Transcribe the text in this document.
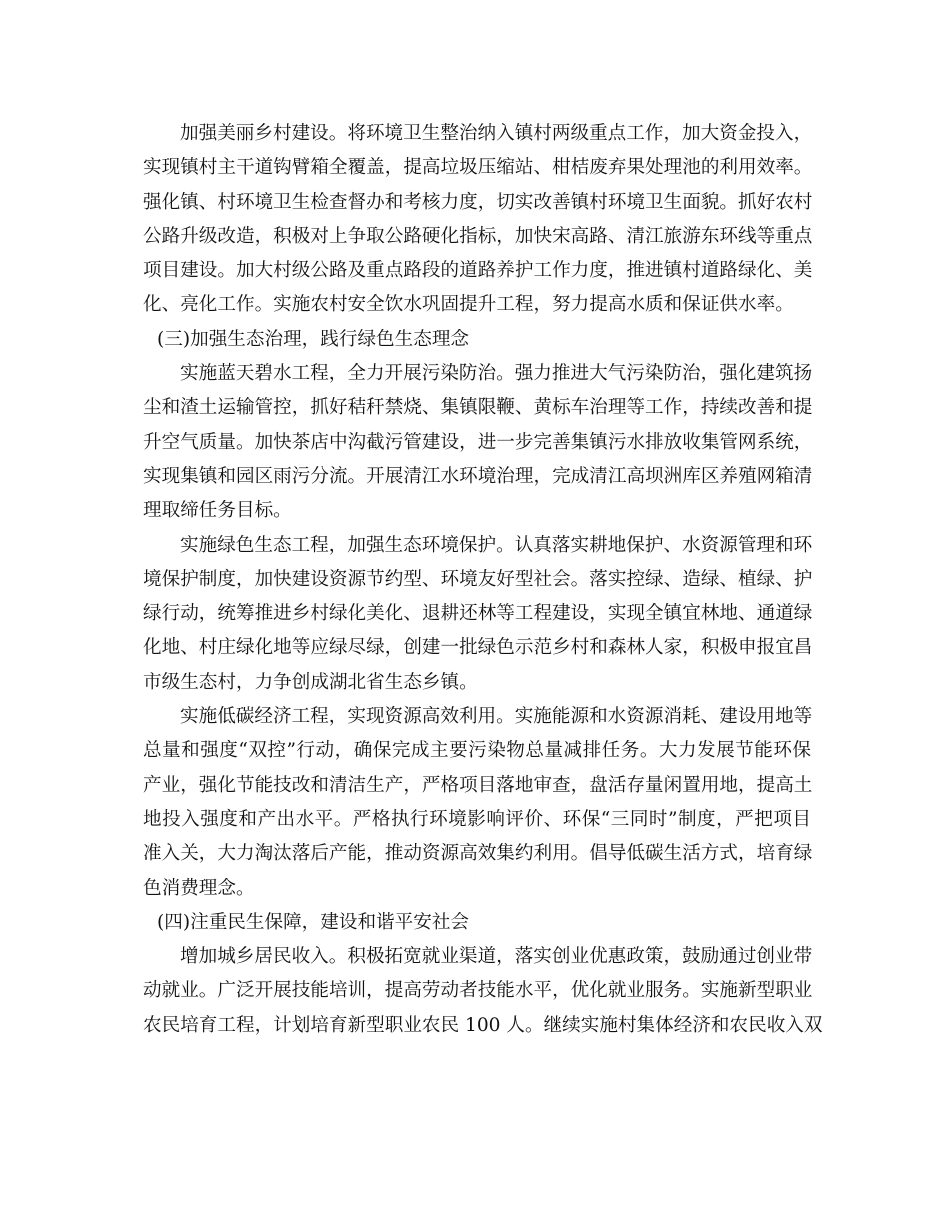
加强美丽乡村建设。将环境卫生整治纳入镇村两级重点工作，加大资金投入，
实现镇村主干道钩臂箱全覆盖，提高垃圾压缩站、柑桔废弃果处理池的利用效率。
强化镇、村环境卫生检查督办和考核力度，切实改善镇村环境卫生面貌。抓好农村
公路升级改造，积极对上争取公路硬化指标，加快宋高路、清江旅游东环线等重点
项目建设。加大村级公路及重点路段的道路养护工作力度，推进镇村道路绿化、美
化、亮化工作。实施农村安全饮水巩固提升工程，努力提高水质和保证供水率。
(三)加强生态治理，践行绿色生态理念
实施蓝天碧水工程，全力开展污染防治。强力推进大气污染防治，强化建筑扬
尘和渣土运输管控，抓好秸秆禁烧、集镇限鞭、黄标车治理等工作，持续改善和提
升空气质量。加快茶店中沟截污管建设，进一步完善集镇污水排放收集管网系统，
实现集镇和园区雨污分流。开展清江水环境治理，完成清江高坝洲库区养殖网箱清
理取缔任务目标。
实施绿色生态工程，加强生态环境保护。认真落实耕地保护、水资源管理和环
境保护制度，加快建设资源节约型、环境友好型社会。落实控绿、造绿、植绿、护
绿行动，统筹推进乡村绿化美化、退耕还林等工程建设，实现全镇宜林地、通道绿
化地、村庄绿化地等应绿尽绿，创建一批绿色示范乡村和森林人家，积极申报宜昌
市级生态村，力争创成湖北省生态乡镇。
实施低碳经济工程，实现资源高效利用。实施能源和水资源消耗、建设用地等
总量和强度“双控”行动，确保完成主要污染物总量减排任务。大力发展节能环保
产业，强化节能技改和清洁生产，严格项目落地审查，盘活存量闲置用地，提高土
地投入强度和产出水平。严格执行环境影响评价、环保“三同时”制度，严把项目
准入关，大力淘汰落后产能，推动资源高效集约利用。倡导低碳生活方式，培育绿
色消费理念。
(四)注重民生保障，建设和谐平安社会
增加城乡居民收入。积极拓宽就业渠道，落实创业优惠政策，鼓励通过创业带
动就业。广泛开展技能培训，提高劳动者技能水平，优化就业服务。实施新型职业
农民培育工程，计划培育新型职业农民 100 人。继续实施村集体经济和农民收入双
